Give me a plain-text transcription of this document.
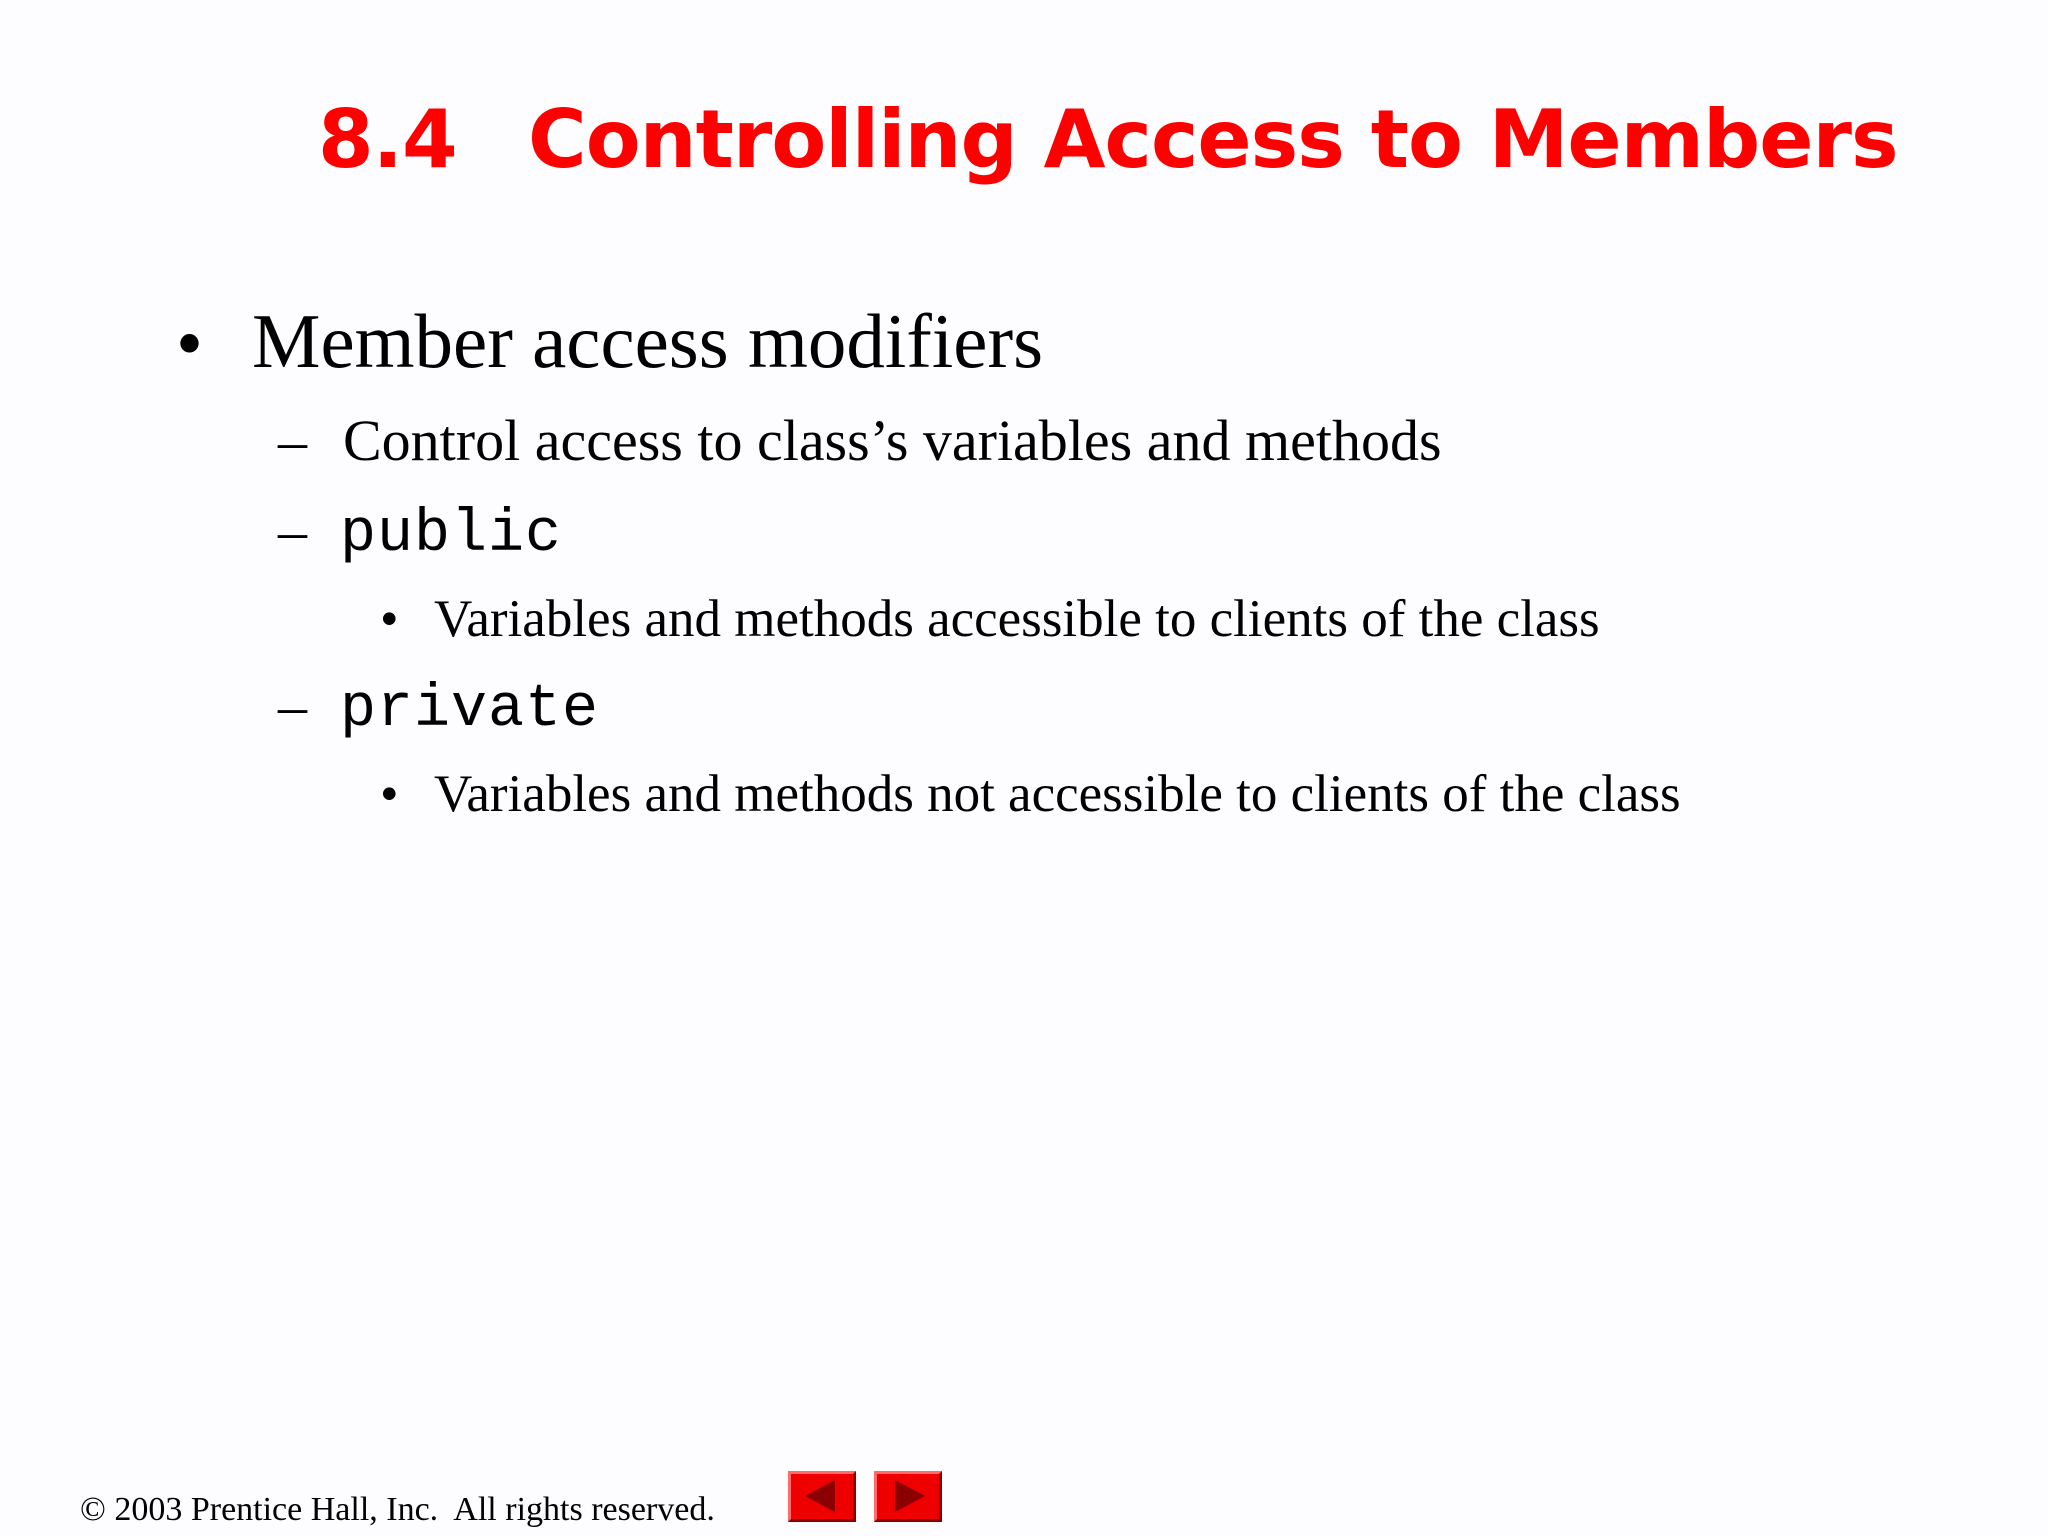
8.4 Controlling Access to Members
• Member access modifiers
– Control access to class’s variables and methods
– public
• Variables and methods accessible to clients of the class
– private
• Variables and methods not accessible to clients of the class
© 2003 Prentice Hall, Inc.  All rights reserved.
